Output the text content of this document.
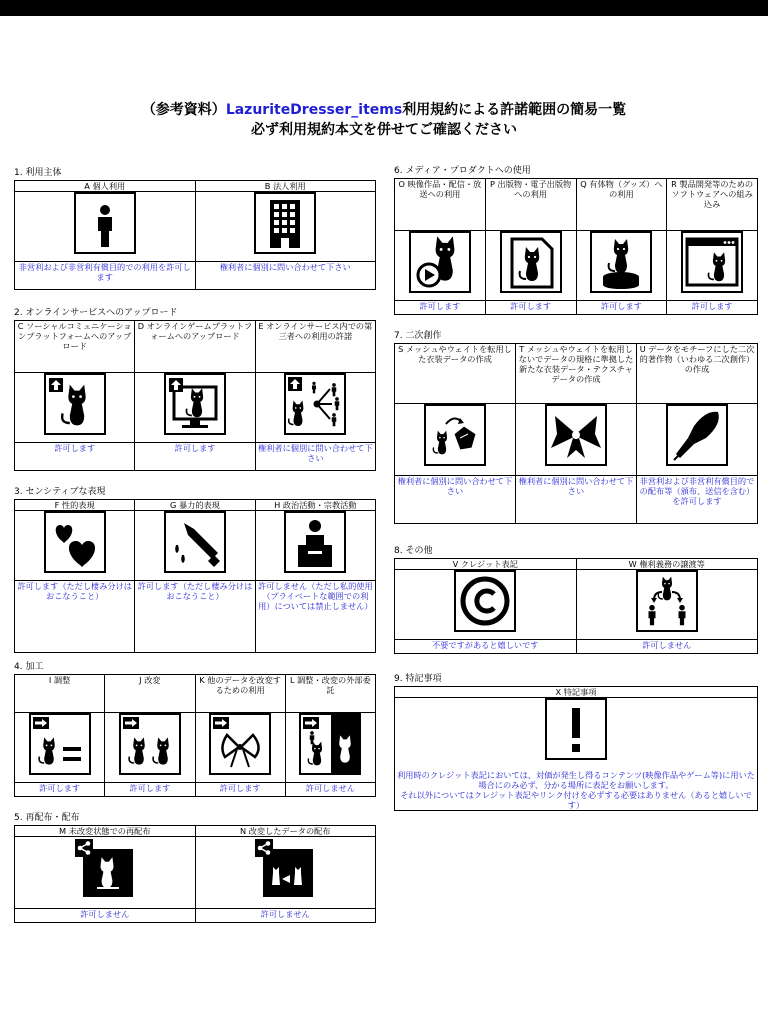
（参考資料）LazuriteDresser_items利用規約による許諾範囲の簡易一覧
必ず利用規約本文を併せてご確認ください
1. 利用主体
A 個人利用	B 法人利用

非営利および非営利有償目的での利用を許可します	権利者に個別に問い合わせて下さい
2. オンラインサービスへのアップロード
C ソーシャルコミュニケーションプラットフォームへのアップロード	D オンラインゲームプラットフォームへのアップロード	E オンラインサービス内での第三者への利用の許諾

許可します	許可します	権利者に個別に問い合わせて下さい
3. センシティブな表現
F 性的表現	G 暴力的表現	H 政治活動・宗教活動

許可します（ただし棲み分けはおこなうこと）	許可します（ただし棲み分けはおこなうこと）	許可しません（ただし私的使用（プライベートな範囲での利用）については禁止しません）
4. 加工
I 調整	J 改変	K 他のデータを改変するための利用	L 調整・改変の外部委託

許可します	許可します	許可します	許可しません
5. 再配布・配布
M 未改変状態での再配布	N 改変したデータの配布

許可しません	許可しません
6. メディア・プロダクトへの使用
O 映像作品・配信・放送への利用	P 出版物・電子出版物への利用	Q 有体物（グッズ）への利用	R 製品開発等のためのソフトウェアへの組み込み

許可します	許可します	許可します	許可します
7. 二次創作
S メッシュやウェイトを転用した衣装データの作成	T メッシュやウェイトを転用しないでデータの規格に準拠した新たな衣装データ・テクスチャデータの作成	U データをモチーフにした二次的著作物（いわゆる二次創作）の作成

権利者に個別に問い合わせて下さい	権利者に個別に問い合わせて下さい	非営利および非営利有償目的での配布等（頒布、送信を含む）を許可します
8. その他
V クレジット表記	W 権利義務の譲渡等

不要ですがあると嬉しいです	許可しません
9. 特記事項
X 特記事項

利用時のクレジット表記においては、対価が発生し得るコンテンツ(映像作品やゲーム等)に用いた場合にのみ必ず、分かる場所に表記をお願いします。
それ以外についてはクレジット表記やリンク付けを必ずする必要はありません（あると嬉しいです）
